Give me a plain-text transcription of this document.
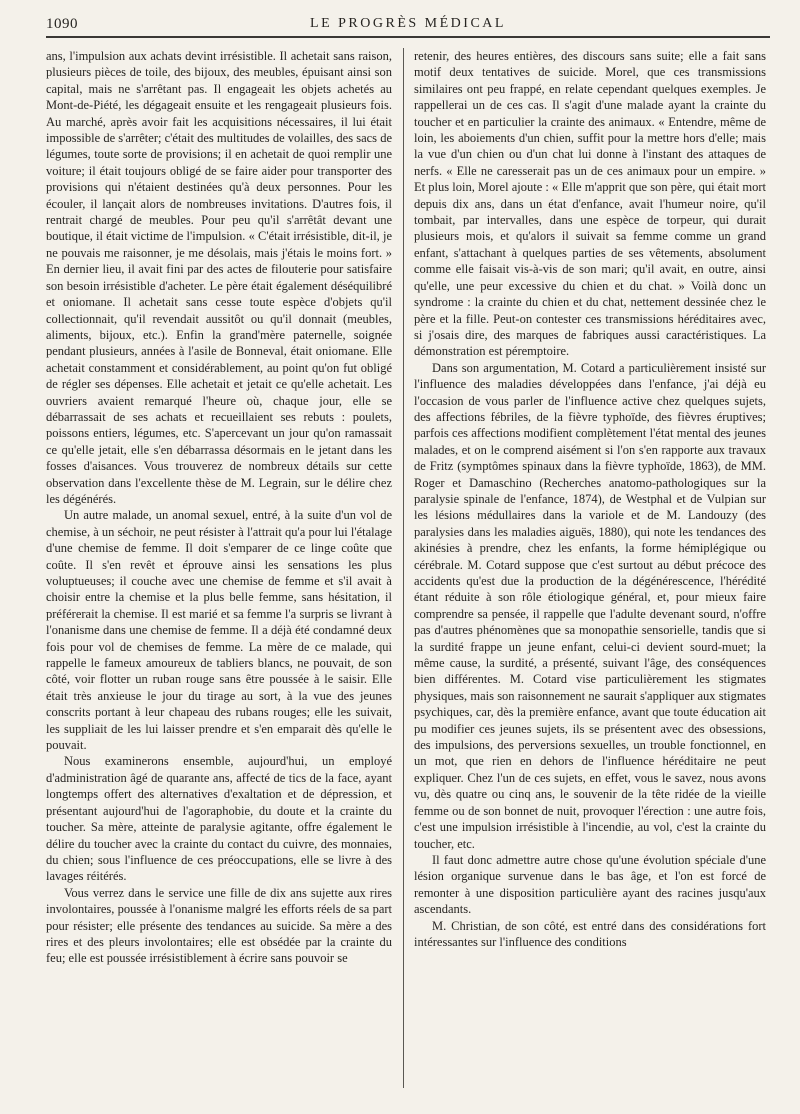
1090	LE PROGRÈS MÉDICAL

ans, l'impulsion aux achats devint irrésistible. Il achetait sans raison, plusieurs pièces de toile, des bijoux, des meubles, épuisant ainsi son capital, mais ne s'arrêtant pas. Il engageait les objets achetés au Mont-de-Piété, les dégageait ensuite et les rengageait plusieurs fois. Au marché, après avoir fait les acquisitions nécessaires, il lui était impossible de s'arrêter; c'était des multitudes de volailles, des sacs de légumes, toute sorte de provisions; il en achetait de quoi remplir une voiture; il était toujours obligé de se faire aider pour transporter des provisions qui n'étaient destinées qu'à deux personnes. Pour les écouler, il lançait alors de nombreuses invitations. D'autres fois, il rentrait chargé de meubles. Pour peu qu'il s'arrêtât devant une boutique, il était victime de l'impulsion. « C'était irrésistible, dit-il, je ne pouvais me raisonner, je me désolais, mais j'étais le moins fort. » En dernier lieu, il avait fini par des actes de filouterie pour satisfaire son besoin irrésistible d'acheter. Le père était également déséquilibré et oniomane. Il achetait sans cesse toute espèce d'objets qu'il collectionnait, qu'il revendait aussitôt ou qu'il donnait (meubles, aliments, bijoux, etc.). Enfin la grand'mère paternelle, soignée pendant plusieurs, années à l'asile de Bonneval, était oniomane. Elle achetait constamment et considérablement, au point qu'on fut obligé de régler ses dépenses. Elle achetait et jetait ce qu'elle achetait. Les ouvriers avaient remarqué l'heure où, chaque jour, elle se débarrassait de ses achats et recueillaient ses rebuts : poulets, poissons entiers, légumes, etc. S'apercevant un jour qu'on ramassait ce qu'elle jetait, elle s'en débarrassa désormais en le jetant dans les fosses d'aisances. Vous trouverez de nombreux détails sur cette observation dans l'excellente thèse de M. Legrain, sur le délire chez les dégénérés.

Un autre malade, un anomal sexuel, entré, à la suite d'un vol de chemise, à un séchoir, ne peut résister à l'attrait qu'a pour lui l'étalage d'une chemise de femme. Il doit s'emparer de ce linge coûte que coûte. Il s'en revêt et éprouve ainsi les sensations les plus voluptueuses; il couche avec une chemise de femme et s'il avait à choisir entre la chemise et la plus belle femme, sans hésitation, il préférerait la chemise. Il est marié et sa femme l'a surpris se livrant à l'onanisme dans une chemise de femme. Il a déjà été condamné deux fois pour vol de chemises de femme. La mère de ce malade, qui rappelle le fameux amoureux de tabliers blancs, ne pouvait, de son côté, voir flotter un ruban rouge sans être poussée à le saisir. Elle était très anxieuse le jour du tirage au sort, à la vue des jeunes conscrits portant à leur chapeau des rubans rouges; elle les suivait, les suppliait de les lui laisser prendre et s'en emparait dès qu'elle le pouvait.

Nous examinerons ensemble, aujourd'hui, un employé d'administration âgé de quarante ans, affecté de tics de la face, ayant longtemps offert des alternatives d'exaltation et de dépression, et présentant aujourd'hui de l'agoraphobie, du doute et la crainte du toucher. Sa mère, atteinte de paralysie agitante, offre également le délire du toucher avec la crainte du contact du cuivre, des monnaies, du chien; sous l'influence de ces préoccupations, elle se livre à des lavages réitérés.

Vous verrez dans le service une fille de dix ans sujette aux rires involontaires, poussée à l'onanisme malgré les efforts réels de sa part pour résister; elle présente des tendances au suicide. Sa mère a des rires et des pleurs involontaires; elle est obsédée par la crainte du feu; elle est poussée irrésistiblement à écrire sans pouvoir se

retenir, des heures entières, des discours sans suite; elle a fait sans motif deux tentatives de suicide. Morel, que ces transmissions similaires ont peu frappé, en relate cependant quelques exemples. Je rappellerai un de ces cas. Il s'agit d'une malade ayant la crainte du toucher et en particulier la crainte des animaux. « Entendre, même de loin, les aboiements d'un chien, suffit pour la mettre hors d'elle; mais la vue d'un chien ou d'un chat lui donne à l'instant des attaques de nerfs. « Elle ne caresserait pas un de ces animaux pour un empire. » Et plus loin, Morel ajoute : « Elle m'apprit que son père, qui était mort depuis dix ans, dans un état d'enfance, avait l'humeur noire, qu'il tombait, par intervalles, dans une espèce de torpeur, qui durait plusieurs mois, et qu'alors il suivait sa femme comme un grand enfant, s'attachant à quelques parties de ses vêtements, absolument comme elle faisait vis-à-vis de son mari; qu'il avait, en outre, ainsi qu'elle, une peur excessive du chien et du chat. » Voilà donc un syndrome : la crainte du chien et du chat, nettement dessinée chez le père et la fille. Peut-on contester ces transmissions héréditaires avec, si j'osais dire, des marques de fabriques aussi caractéristiques. La démonstration est péremptoire.

Dans son argumentation, M. Cotard a particulièrement insisté sur l'influence des maladies développées dans l'enfance, j'ai déjà eu l'occasion de vous parler de l'influence active chez quelques sujets, des affections fébriles, de la fièvre typhoïde, des fièvres éruptives; parfois ces affections modifient complètement l'état mental des jeunes malades, et on le comprend aisément si l'on s'en rapporte aux travaux de Fritz (symptômes spinaux dans la fièvre typhoïde, 1863), de MM. Roger et Damaschino (Recherches anatomo-pathologiques sur la paralysie spinale de l'enfance, 1874), de Westphal et de Vulpian sur les lésions médullaires dans la variole et de M. Landouzy (des paralysies dans les maladies aiguës, 1880), qui note les tendances des akinésies à prendre, chez les enfants, la forme hémiplégique ou cérébrale. M. Cotard suppose que c'est surtout au début précoce des accidents qu'est due la production de la dégénérescence, l'hérédité étant réduite à son rôle étiologique général, et, pour mieux faire comprendre sa pensée, il rappelle que l'adulte devenant sourd, n'offre pas d'autres phénomènes que sa monopathie sensorielle, tandis que si la surdité frappe un jeune enfant, celui-ci devient sourd-muet; la même cause, la surdité, a présenté, suivant l'âge, des conséquences bien différentes. M. Cotard vise particulièrement les stigmates physiques, mais son raisonnement ne saurait s'appliquer aux stigmates psychiques, car, dès la première enfance, avant que toute éducation ait pu modifier ces jeunes sujets, ils se présentent avec des obsessions, des impulsions, des perversions sexuelles, un trouble fonctionnel, en un mot, que rien en dehors de l'influence héréditaire ne peut expliquer. Chez l'un de ces sujets, en effet, vous le savez, nous avons vu, dès quatre ou cinq ans, le souvenir de la tête ridée de la vieille femme ou de son bonnet de nuit, provoquer l'érection : une autre fois, c'est une impulsion irrésistible à l'incendie, au vol, c'est la crainte du toucher, etc.

Il faut donc admettre autre chose qu'une évolution spéciale d'une lésion organique survenue dans le bas âge, et l'on est forcé de remonter à une disposition particulière ayant des racines jusqu'aux ascendants.

M. Christian, de son côté, est entré dans des considérations fort intéressantes sur l'influence des conditions
